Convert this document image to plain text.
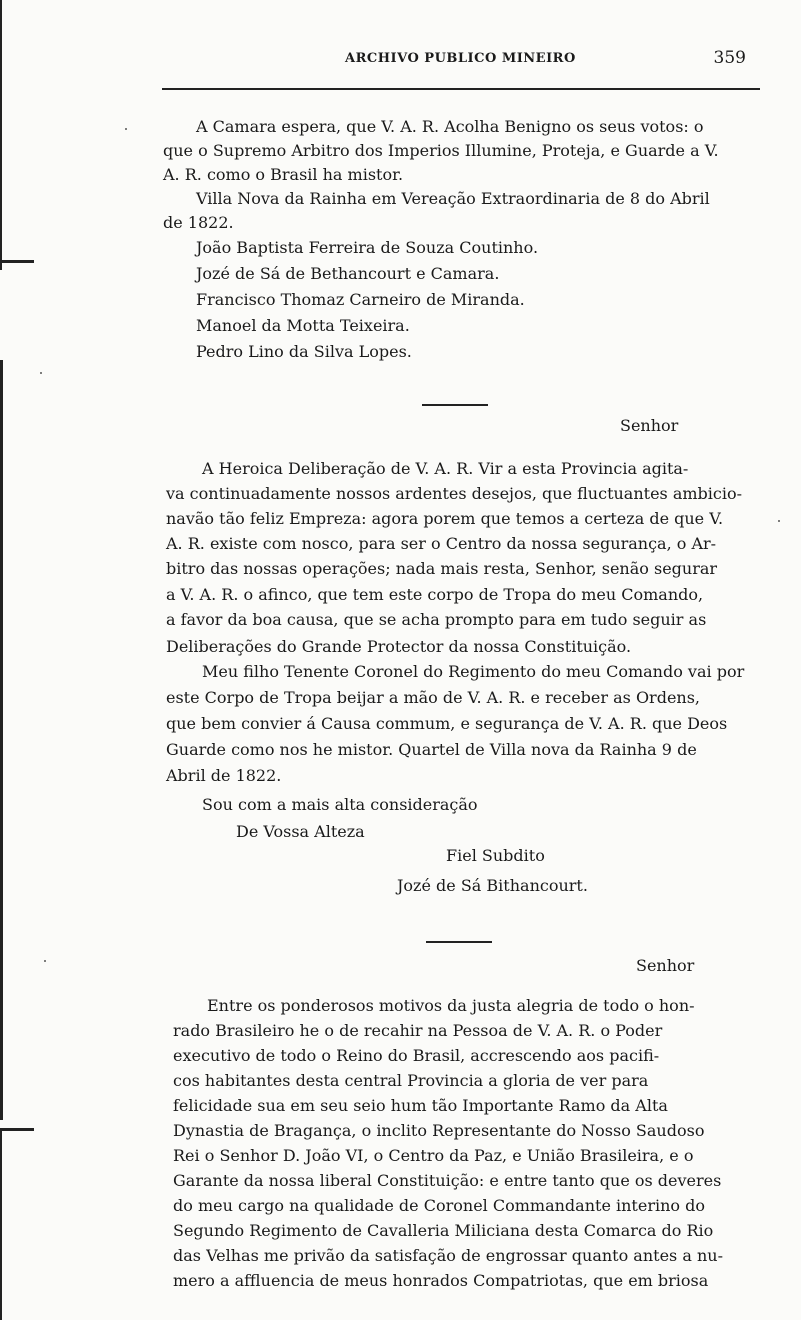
ARCHIVO PUBLICO MINEIRO	359
A Camara espera, que V. A. R. Acolha Benigno os seus votos: o
que o Supremo Arbitro dos Imperios Illumine, Proteja, e Guarde a V.
A. R. como o Brasil ha mistor.
Villa Nova da Rainha em Vereação Extraordinaria de 8 do Abril
de 1822.
João Baptista Ferreira de Souza Coutinho.
Jozé de Sá de Bethancourt e Camara.
Francisco Thomaz Carneiro de Miranda.
Manoel da Motta Teixeira.
Pedro Lino da Silva Lopes.
Senhor
A Heroica Deliberação de V. A. R. Vir a esta Provincia agita-
va continuadamente nossos ardentes desejos, que fluctuantes ambicio-
navão tão feliz Empreza: agora porem que temos a certeza de que V.
A. R. existe com nosco, para ser o Centro da nossa segurança, o Ar-
bitro das nossas operações; nada mais resta, Senhor, senão segurar
a V. A. R. o afinco, que tem este corpo de Tropa do meu Comando,
a favor da boa causa, que se acha prompto para em tudo seguir as
Deliberações do Grande Protector da nossa Constituição.
Meu filho Tenente Coronel do Regimento do meu Comando vai por
este Corpo de Tropa beijar a mão de V. A. R. e receber as Ordens,
que bem convier á Causa commum, e segurança de V. A. R. que Deos
Guarde como nos he mistor. Quartel de Villa nova da Rainha 9 de
Abril de 1822.
Sou com a mais alta consideração
De Vossa Alteza
Fiel Subdito
Jozé de Sá Bithancourt.
Senhor
Entre os ponderosos motivos da justa alegria de todo o hon-
rado Brasileiro he o de recahir na Pessoa de V. A. R. o Poder
executivo de todo o Reino do Brasil, accrescendo aos pacifi-
cos habitantes desta central Provincia a gloria de ver para
felicidade sua em seu seio hum tão Importante Ramo da Alta
Dynastia de Bragança, o inclito Representante do Nosso Saudoso
Rei o Senhor D. João VI, o Centro da Paz, e União Brasileira, e o
Garante da nossa liberal Constituição: e entre tanto que os deveres
do meu cargo na qualidade de Coronel Commandante interino do
Segundo Regimento de Cavalleria Miliciana desta Comarca do Rio
das Velhas me privão da satisfação de engrossar quanto antes a nu-
mero a affluencia de meus honrados Compatriotas, que em briosa
